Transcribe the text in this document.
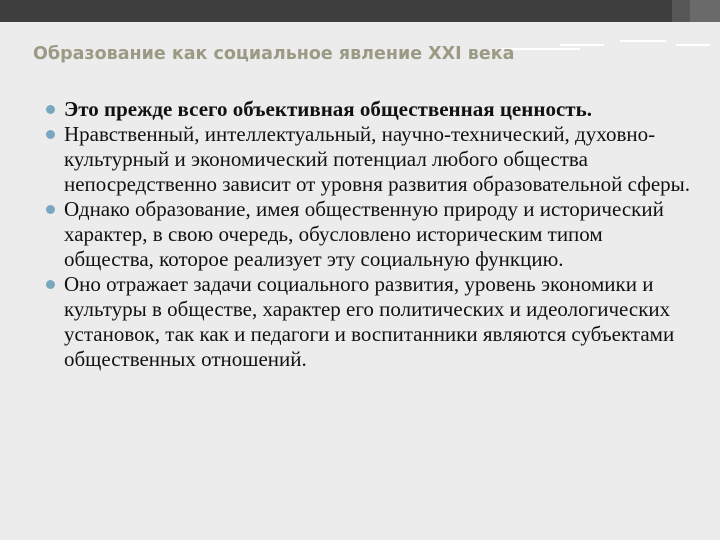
Образование как социальное явление XXI века
Это прежде всего объективная общественная ценность.
Нравственный, интеллектуальный, научно-технический, духовно-культурный и экономический потенциал любого общества непосредственно зависит от уровня развития образовательной сферы.
Однако образование, имея общественную природу и исторический характер, в свою очередь, обусловлено историческим типом общества, которое реализует эту социальную функцию.
Оно отражает задачи социального развития, уровень экономики и культуры в обществе, характер его политических и идеологических установок, так как и педагоги и воспитанники являются субъектами общественных отношений.
